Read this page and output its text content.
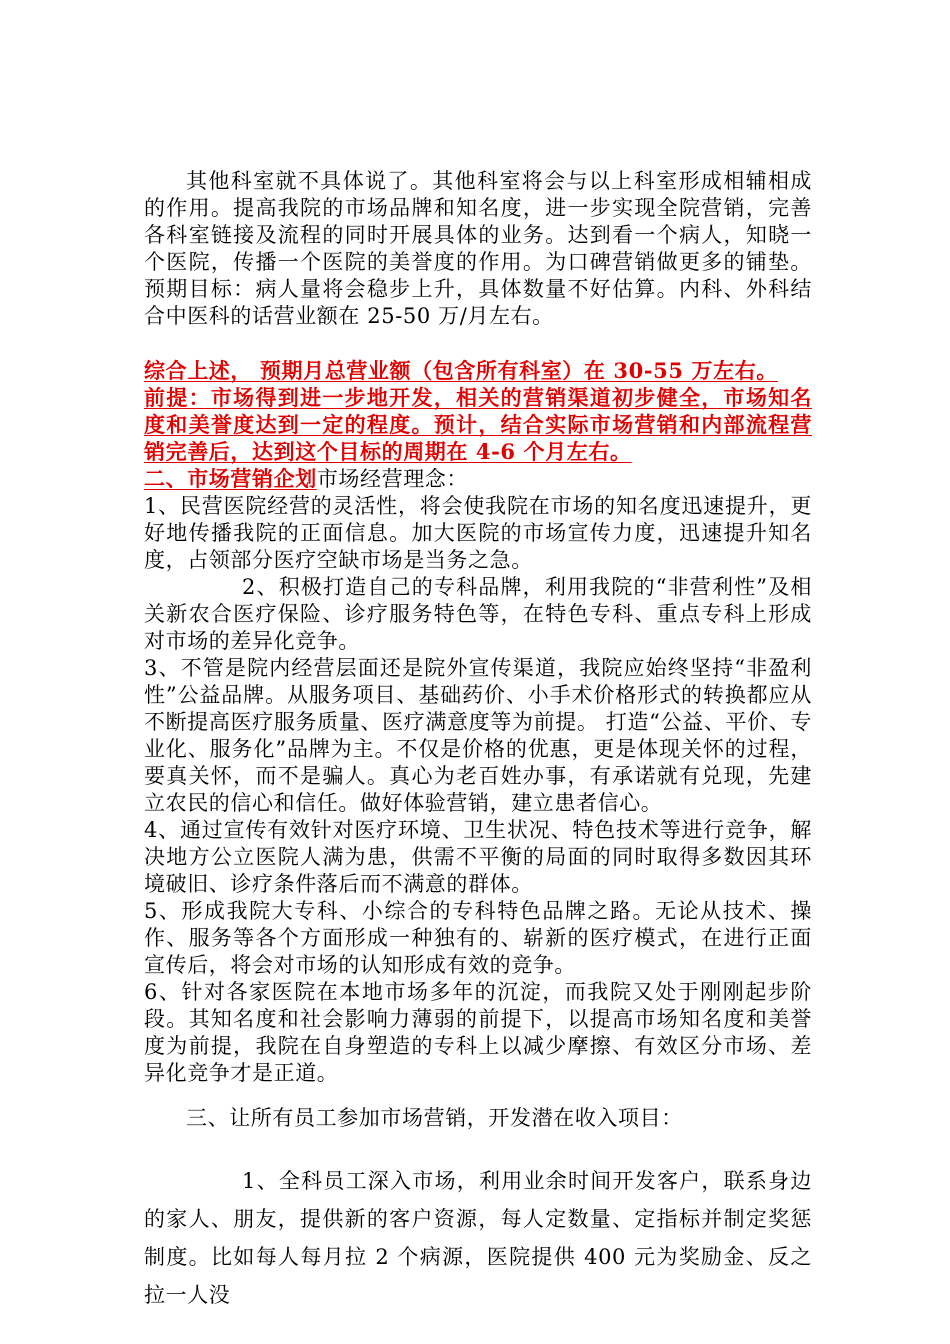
其他科室就不具体说了。其他科室将会与以上科室形成相辅相成的作用。提高我院的市场品牌和知名度，进一步实现全院营销，完善各科室链接及流程的同时开展具体的业务。达到看一个病人，知晓一个医院，传播一个医院的美誉度的作用。为口碑营销做更多的铺垫。预期目标：病人量将会稳步上升，具体数量不好估算。内科、外科结合中医科的话营业额在 25-50 万/月左右。

综合上述， 预期月总营业额（包含所有科室）在 30-55 万左右。

前提：市场得到进一步地开发，相关的营销渠道初步健全，市场知名度和美誉度达到一定的程度。预计，结合实际市场营销和内部流程营销完善后，达到这个目标的周期在 4-6 个月左右。

二、市场营销企划市场经营理念：

1、民营医院经营的灵活性，将会使我院在市场的知名度迅速提升，更好地传播我院的正面信息。加大医院的市场宣传力度，迅速提升知名度，占领部分医疗空缺市场是当务之急。

2、积极打造自己的专科品牌，利用我院的“非营利性”及相关新农合医疗保险、诊疗服务特色等，在特色专科、重点专科上形成对市场的差异化竞争。

3、不管是院内经营层面还是院外宣传渠道，我院应始终坚持“非盈利性”公益品牌。从服务项目、基础药价、小手术价格形式的转换都应从不断提高医疗服务质量、医疗满意度等为前提。 打造“公益、平价、专业化、服务化”品牌为主。不仅是价格的优惠，更是体现关怀的过程，要真关怀，而不是骗人。真心为老百姓办事，有承诺就有兑现，先建立农民的信心和信任。做好体验营销，建立患者信心。

4、通过宣传有效针对医疗环境、卫生状况、特色技术等进行竞争，解决地方公立医院人满为患，供需不平衡的局面的同时取得多数因其环境破旧、诊疗条件落后而不满意的群体。

5、形成我院大专科、小综合的专科特色品牌之路。无论从技术、操作、服务等各个方面形成一种独有的、崭新的医疗模式，在进行正面宣传后，将会对市场的认知形成有效的竞争。

6、针对各家医院在本地市场多年的沉淀，而我院又处于刚刚起步阶段。其知名度和社会影响力薄弱的前提下，以提高市场知名度和美誉度为前提，我院在自身塑造的专科上以减少摩擦、有效区分市场、差异化竞争才是正道。

三、让所有员工参加市场营销，开发潜在收入项目：

1、全科员工深入市场，利用业余时间开发客户，联系身边的家人、朋友，提供新的客户资源，每人定数量、定指标并制定奖惩制度。比如每人每月拉 2 个病源，医院提供 400 元为奖励金、反之拉一人没
